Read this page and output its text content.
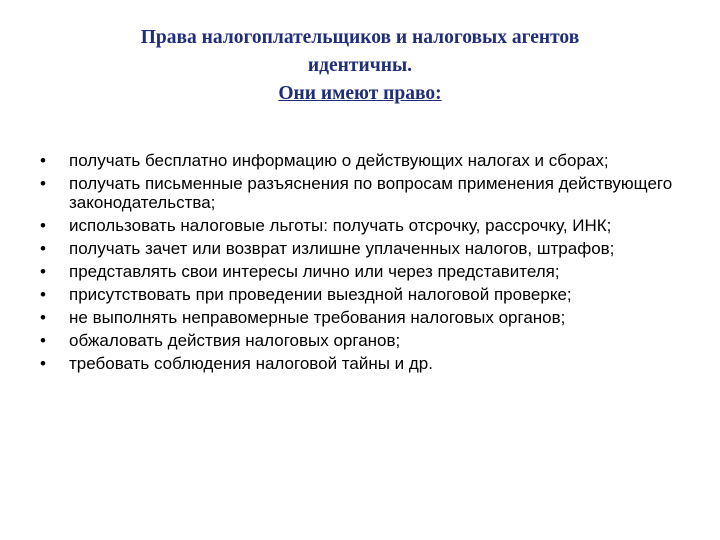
Права налогоплательщиков и налоговых агентов
идентичны.
Они имеют право:
•	получать бесплатно информацию о действующих налогах и сборах;
•	получать письменные разъяснения по вопросам применения действующего законодательства;
•	использовать налоговые льготы: получать отсрочку, рассрочку, ИНК;
•	получать зачет или возврат излишне уплаченных налогов, штрафов;
•	представлять свои интересы лично или через представителя;
•	присутствовать при проведении выездной налоговой проверке;
•	не выполнять неправомерные требования налоговых органов;
•	обжаловать действия налоговых органов;
•	требовать соблюдения налоговой тайны и др.
